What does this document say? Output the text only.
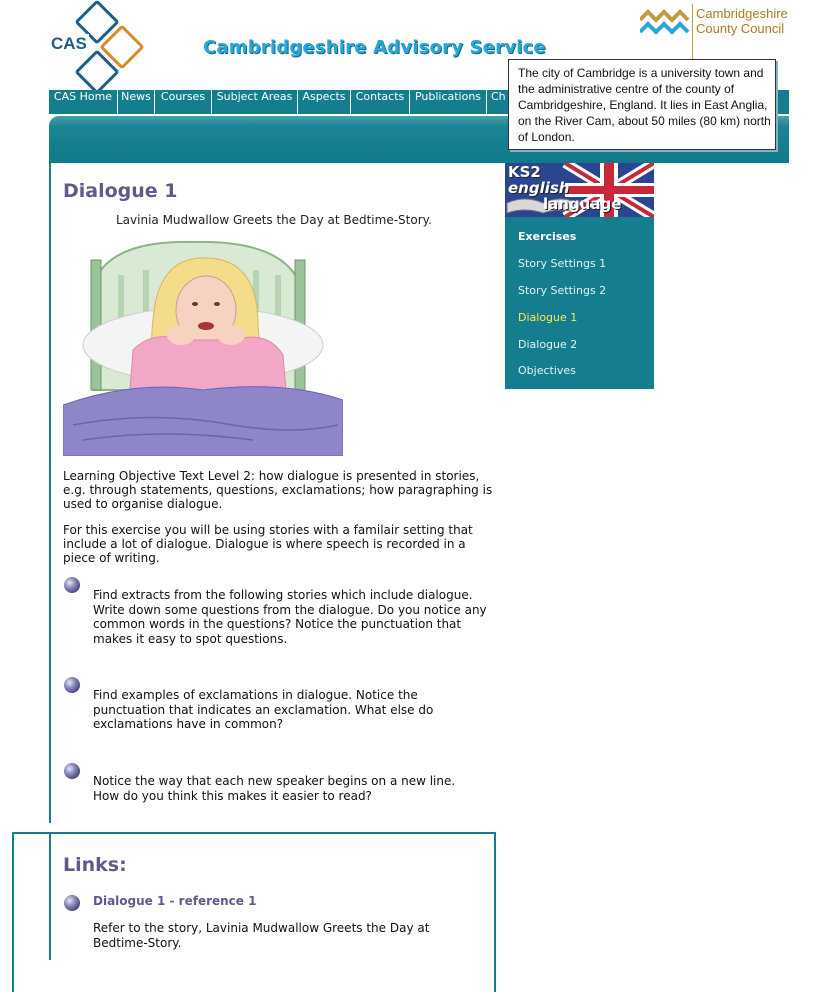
CAS	Cambridgeshire Advisory Service
Cambridgeshire
County Council
CAS Home News Courses	Subject Areas Aspects Contacts Publications Ch
The city of Cambridge is a university town and the administrative centre of the county of Cambridgeshire, England. It lies in East Anglia, on the River Cam, about 50 miles (80 km) north of London.
Dialogue 1
Lavinia Mudwallow Greets the Day at Bedtime-Story.
Learning Objective Text Level 2: how dialogue is presented in stories, e.g. through statements, questions, exclamations; how paragraphing is used to organise dialogue.
For this exercise you will be using stories with a familair setting that include a lot of dialogue. Dialogue is where speech is recorded in a piece of writing.
Find extracts from the following stories which include dialogue. Write down some questions from the dialogue. Do you notice any common words in the questions? Notice the punctuation that makes it easy to spot questions.
Find examples of exclamations in dialogue. Notice the punctuation that indicates an exclamation. What else do exclamations have in common?
Notice the way that each new speaker begins on a new line. How do you think this makes it easier to read?
KS2
english
language
Exercises
Story Settings 1
Story Settings 2
Dialogue 1
Dialogue 2
Objectives
Links:
Dialogue 1 - reference 1
Refer to the story, Lavinia Mudwallow Greets the Day at Bedtime-Story.
